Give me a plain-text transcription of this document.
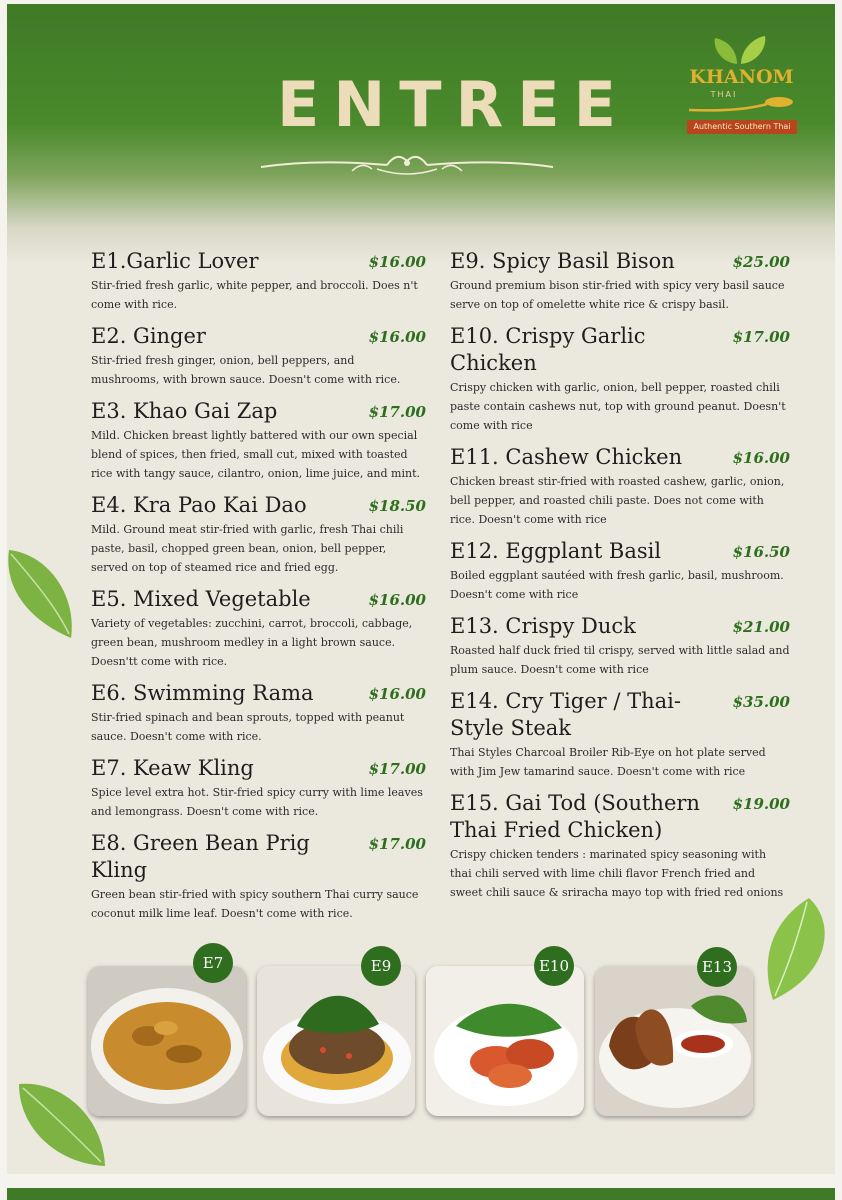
ENTREE	KHANOM
THAI
Authentic Southern Thai
E1.Garlic Lover	$16.00
Stir-fried fresh garlic, white pepper, and broccoli. Does n't come with rice.
E2. Ginger	$16.00
Stir-fried fresh ginger, onion, bell peppers, and mushrooms, with brown sauce. Doesn't come with rice.
E3. Khao Gai Zap	$17.00
Mild. Chicken breast lightly battered with our own special blend of spices, then fried, small cut, mixed with toasted rice with tangy sauce, cilantro, onion, lime juice, and mint.
E4. Kra Pao Kai Dao	$18.50
Mild. Ground meat stir-fried with garlic, fresh Thai chili paste, basil, chopped green bean, onion, bell pepper, served on top of steamed rice and fried egg.
E5. Mixed Vegetable	$16.00
Variety of vegetables: zucchini, carrot, broccoli, cabbage, green bean, mushroom medley in a light brown sauce. Doesn'tt come with rice.
E6. Swimming Rama	$16.00
Stir-fried spinach and bean sprouts, topped with peanut sauce. Doesn't come with rice.
E7. Keaw Kling	$17.00
Spice level extra hot. Stir-fried spicy curry with lime leaves and lemongrass. Doesn't come with rice.
E8. Green Bean Prig Kling
$17.00
Green bean stir-fried with spicy southern Thai curry sauce coconut milk lime leaf. Doesn't come with rice.
E9. Spicy Basil Bison	$25.00
Ground premium bison stir-fried with spicy very basil sauce serve on top of omelette white rice & crispy basil.
E10. Crispy Garlic Chicken
$17.00
Crispy chicken with garlic, onion, bell pepper, roasted chili paste contain cashews nut, top with ground peanut. Doesn't come with rice
E11. Cashew Chicken	$16.00
Chicken breast stir-fried with roasted cashew, garlic, onion, bell pepper, and roasted chili paste. Does not come with rice. Doesn't come with rice
E12. Eggplant Basil	$16.50
Boiled eggplant sautéed with fresh garlic, basil, mushroom. Doesn't come with rice
E13. Crispy Duck	$21.00
Roasted half duck fried til crispy, served with little salad and plum sauce. Doesn't come with rice
E14. Cry Tiger / Thai-Style Steak
$35.00
Thai Styles Charcoal Broiler Rib-Eye on hot plate served with Jim Jew tamarind sauce. Doesn't come with rice
E15. Gai Tod (Southern Thai Fried Chicken)
$19.00
Crispy chicken tenders : marinated spicy seasoning with thai chili served with lime chili flavor French fried and sweet chili sauce & sriracha mayo top with fried red onions
E7	E9	E10	E13
